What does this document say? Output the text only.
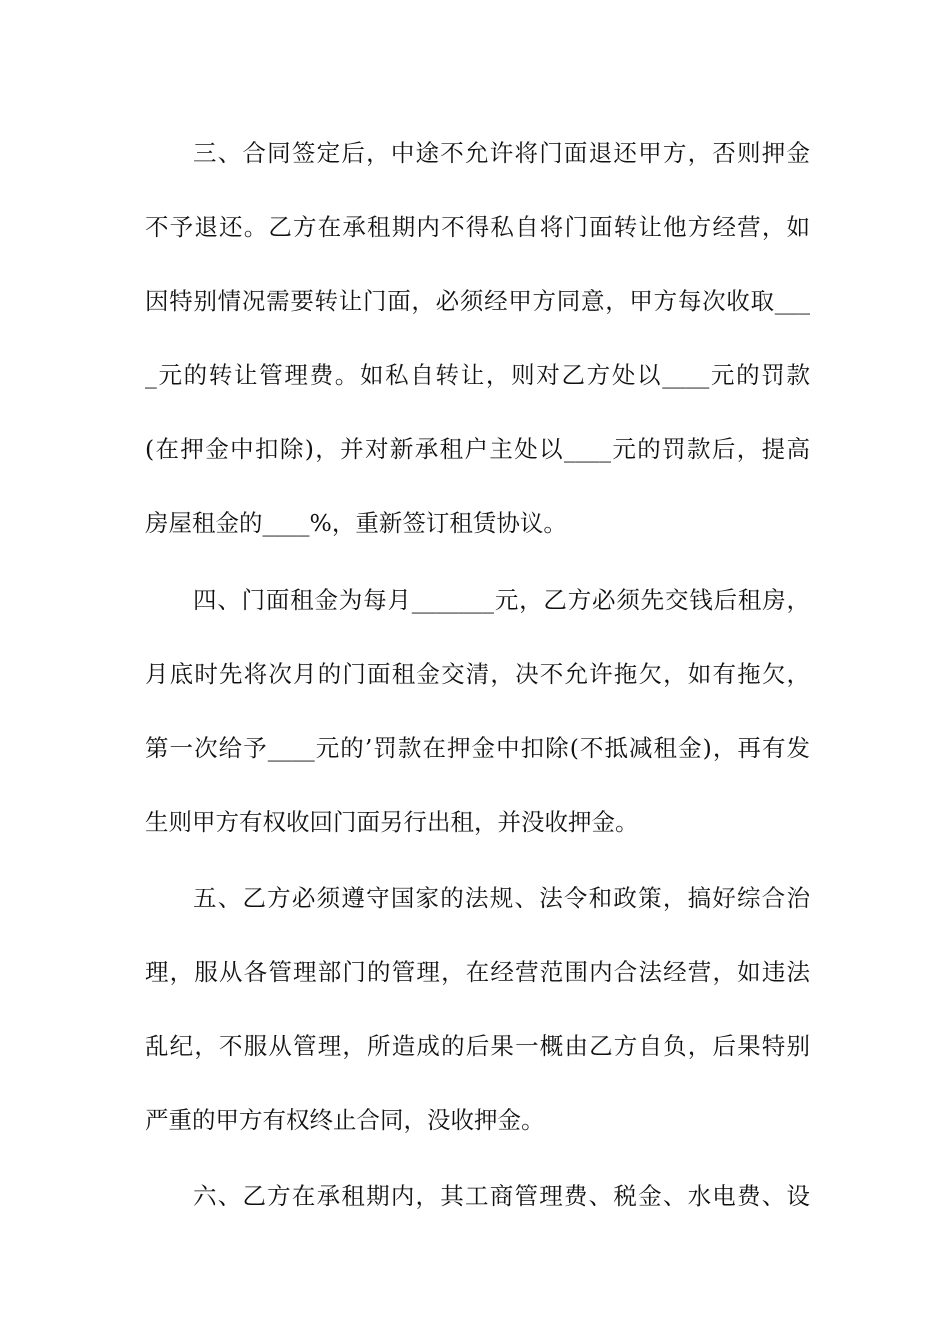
三、合同签定后，中途不允许将门面退还甲方，否则押金
不予退还。乙方在承租期内不得私自将门面转让他方经营，如
因特别情况需要转让门面，必须经甲方同意，甲方每次收取___
_元的转让管理费。如私自转让，则对乙方处以____元的罚款
(在押金中扣除)，并对新承租户主处以____元的罚款后，提高
房屋租金的____%，重新签订租赁协议。
四、门面租金为每月_______元，乙方必须先交钱后租房，
月底时先将次月的门面租金交清，决不允许拖欠，如有拖欠，
第一次给予____元的’罚款在押金中扣除(不抵减租金)，再有发
生则甲方有权收回门面另行出租，并没收押金。
五、乙方必须遵守国家的法规、法令和政策，搞好综合治
理，服从各管理部门的管理，在经营范围内合法经营，如违法
乱纪，不服从管理，所造成的后果一概由乙方自负，后果特别
严重的甲方有权终止合同，没收押金。
六、乙方在承租期内，其工商管理费、税金、水电费、设
